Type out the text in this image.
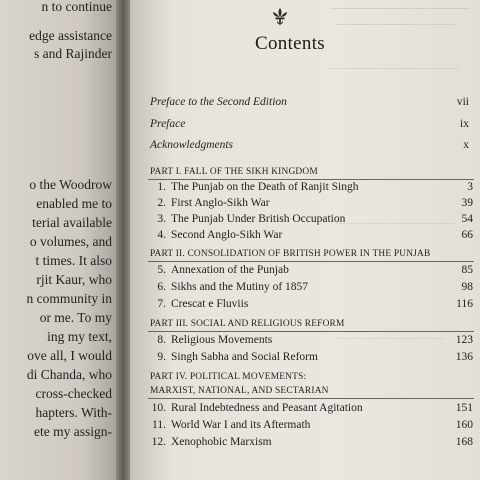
n to continue
edge assistance
s and Rajinder
o the Woodrow
enabled me to
terial available
o volumes, and
t times. It also
rjit Kaur, who
n community in
or me. To my
ing my text,
ove all, I would
di Chanda, who
cross-checked
hapters. With-
ete my assign-
Contents
Preface to the Second Edition	vii
Preface	ix
Acknowledgments	x
PART I. FALL OF THE SIKH KINGDOM
1. The Punjab on the Death of Ranjit Singh	3
2. First Anglo-Sikh War	39
3. The Punjab Under British Occupation	54
4. Second Anglo-Sikh War	66
PART II. CONSOLIDATION OF BRITISH POWER IN THE PUNJAB
5. Annexation of the Punjab	85
6. Sikhs and the Mutiny of 1857	98
7. Crescat e Fluviis	116
PART III. SOCIAL AND RELIGIOUS REFORM
8. Religious Movements	123
9. Singh Sabha and Social Reform	136
PART IV. POLITICAL MOVEMENTS:
MARXIST, NATIONAL, AND SECTARIAN
10. Rural Indebtedness and Peasant Agitation	151
11. World War I and its Aftermath	160
12. Xenophobic Marxism	168
